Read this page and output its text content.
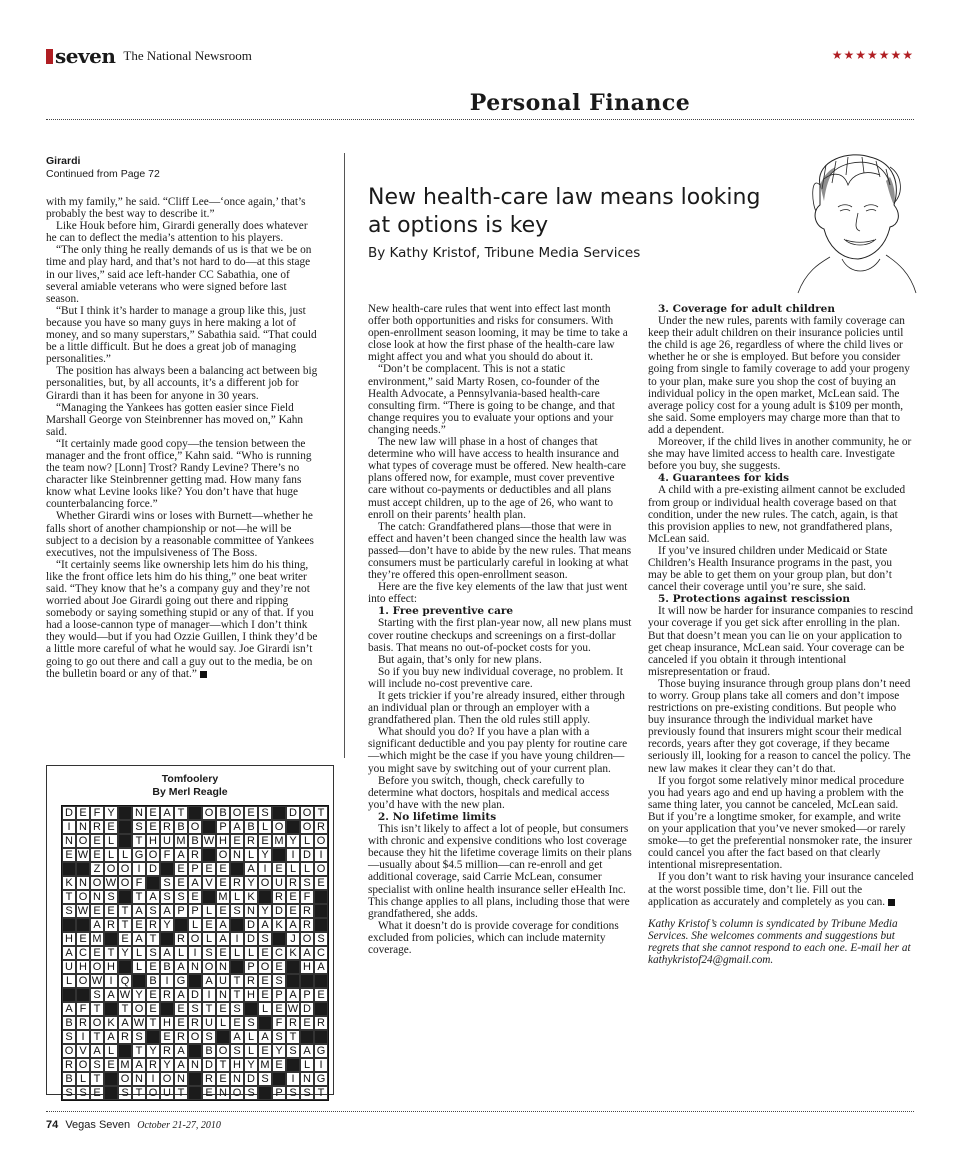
seven The National Newsroom	★★★★★★★
Personal Finance
Girardi
Continued from Page 72

with my family,” he said. “Cliff Lee—‘once again,’ that’s probably the best way to describe it.”

Like Houk before him, Girardi generally does whatever he can to deflect the media’s attention to his players.

“The only thing he really demands of us is that we be on time and play hard, and that’s not hard to do—at this stage in our lives,” said ace left-hander CC Sabathia, one of several amiable veterans who were signed before last season.

“But I think it’s harder to manage a group like this, just because you have so many guys in here making a lot of money, and so many superstars,” Sabathia said. “That could be a little difficult. But he does a great job of managing personalities.”

The position has always been a balancing act between big personalities, but, by all accounts, it’s a different job for Girardi than it has been for anyone in 30 years.

“Managing the Yankees has gotten easier since Field Marshall George von Steinbrenner has moved on,” Kahn said.

“It certainly made good copy—the tension between the manager and the front office,” Kahn said. “Who is running the team now? [Lonn] Trost? Randy Levine? There’s no character like Steinbrenner getting mad. How many fans know what Levine looks like? You don’t have that huge counterbalancing force.”

Whether Girardi wins or loses with Burnett—whether he falls short of another championship or not—he will be subject to a decision by a reasonable committee of Yankees executives, not the impulsiveness of The Boss.

“It certainly seems like ownership lets him do his thing, like the front office lets him do his thing,” one beat writer said. “They know that he’s a company guy and they’re not worried about Joe Girardi going out there and ripping somebody or saying something stupid or any of that. If you had a loose-cannon type of manager—which I don’t think they would—but if you had Ozzie Guillen, I think they’d be a little more careful of what he would say. Joe Girardi isn’t going to go out there and call a guy out to the media, be on the bulletin board or any of that.”

Tomfoolery
By Merl Reagle
D E F Y	N E A T	O B O E S	D O T
I N R E	S E R B O	P A B L O O R
N O E L	T H U M B W H E R E M Y L O
E W E L L G O F A R O N L Y	I D I
Z O O I D	E P E E	A I E L L O
K N O W O F	S E A V E R Y O U R S E
T O N S	T A S S E	M L K	R E F
S W E E T A S A P P L E S N Y D E R
A R T E R Y	L E A	D A K A R
H E M	E A T	R O L A I D S	J O S
A C E T Y L S A L I S E L L E C K A C
U H O H	L E B A N O N	P O E	H A
L O W I Q	B I G	A U T R E S
S A W Y E R A D I N T H E P A P E
A F T	T O E	E S T E S	L E W D
B R O K A W T H E R U L E S	F R E R
S I T A R S	E R O S	A L A S T
O V A L	T Y R A	B O S L E Y S A G
R O S E M A R Y A N D T H Y M E	L I
B L T	O N I O N R E N D S	I N G
S S E	S T O U T	E N O S	P S S T
New health-care law means looking at options is key
By Kathy Kristof, Tribune Media Services

New health-care rules that went into effect last month offer both opportunities and risks for consumers. With open-enrollment season looming, it may be time to take a close look at how the first phase of the health-care law might affect you and what you should do about it.

“Don’t be complacent. This is not a static environment,” said Marty Rosen, co-founder of the Health Advocate, a Pennsylvania-based health-care consulting firm. “There is going to be change, and that change requires you to evaluate your options and your changing needs.”

The new law will phase in a host of changes that determine who will have access to health insurance and what types of coverage must be offered. New health-care plans offered now, for example, must cover preventive care without co-payments or deductibles and all plans must accept children, up to the age of 26, who want to enroll on their parents’ health plan.

The catch: Grandfathered plans—those that were in effect and haven’t been changed since the health law was passed—don’t have to abide by the new rules. That means consumers must be particularly careful in looking at what they’re offered this open-enrollment season.

Here are the five key elements of the law that just went into effect:

1. Free preventive care

Starting with the first plan-year now, all new plans must cover routine checkups and screenings on a first-dollar basis. That means no out-of-pocket costs for you.

But again, that’s only for new plans.

So if you buy new individual coverage, no problem. It will include no-cost preventive care.

It gets trickier if you’re already insured, either through an individual plan or through an employer with a grandfathered plan. Then the old rules still apply.

What should you do? If you have a plan with a significant deductible and you pay plenty for routine care—which might be the case if you have young children—you might save by switching out of your current plan.

Before you switch, though, check carefully to determine what doctors, hospitals and medical access you’d have with the new plan.

2. No lifetime limits

This isn’t likely to affect a lot of people, but consumers with chronic and expensive conditions who lost coverage because they hit the lifetime coverage limits on their plans—usually about $4.5 million—can re-enroll and get additional coverage, said Carrie McLean, consumer specialist with online health insurance seller eHealth Inc. This change applies to all plans, including those that were grandfathered, she adds.

What it doesn’t do is provide coverage for conditions excluded from policies, which can include maternity coverage.

3. Coverage for adult children

Under the new rules, parents with family coverage can keep their adult children on their insurance policies until the child is age 26, regardless of where the child lives or whether he or she is employed. But before you consider going from single to family coverage to add your progeny to your plan, make sure you shop the cost of buying an individual policy in the open market, McLean said. The average policy cost for a young adult is $109 per month, she said. Some employers may charge more than that to add a dependent.

Moreover, if the child lives in another community, he or she may have limited access to health care. Investigate before you buy, she suggests.

4. Guarantees for kids

A child with a pre-existing ailment cannot be excluded from group or individual health coverage based on that condition, under the new rules. The catch, again, is that this provision applies to new, not grandfathered plans, McLean said.

If you’ve insured children under Medicaid or State Children’s Health Insurance programs in the past, you may be able to get them on your group plan, but don’t cancel their coverage until you’re sure, she said.

5. Protections against rescission

It will now be harder for insurance companies to rescind your coverage if you get sick after enrolling in the plan. But that doesn’t mean you can lie on your application to get cheap insurance, McLean said. Your coverage can be canceled if you obtain it through intentional misrepresentation or fraud.

Those buying insurance through group plans don’t need to worry. Group plans take all comers and don’t impose restrictions on pre-existing conditions. But people who buy insurance through the individual market have previously found that insurers might scour their medical records, years after they got coverage, if they became seriously ill, looking for a reason to cancel the policy. The new law makes it clear they can’t do that.

If you forgot some relatively minor medical procedure you had years ago and end up having a problem with the same thing later, you cannot be canceled, McLean said. But if you’re a longtime smoker, for example, and write on your application that you’ve never smoked—or rarely smoke—to get the preferential nonsmoker rate, the insurer could cancel you after the fact based on that clearly intentional misrepresentation.

If you don’t want to risk having your insurance canceled at the worst possible time, don’t lie. Fill out the application as accurately and completely as you can.

Kathy Kristof’s column is syndicated by Tribune Media Services. She welcomes comments and suggestions but regrets that she cannot respond to each one. E-mail her at kathykristof24@gmail.com.

74 Vegas Seven October 21-27, 2010
